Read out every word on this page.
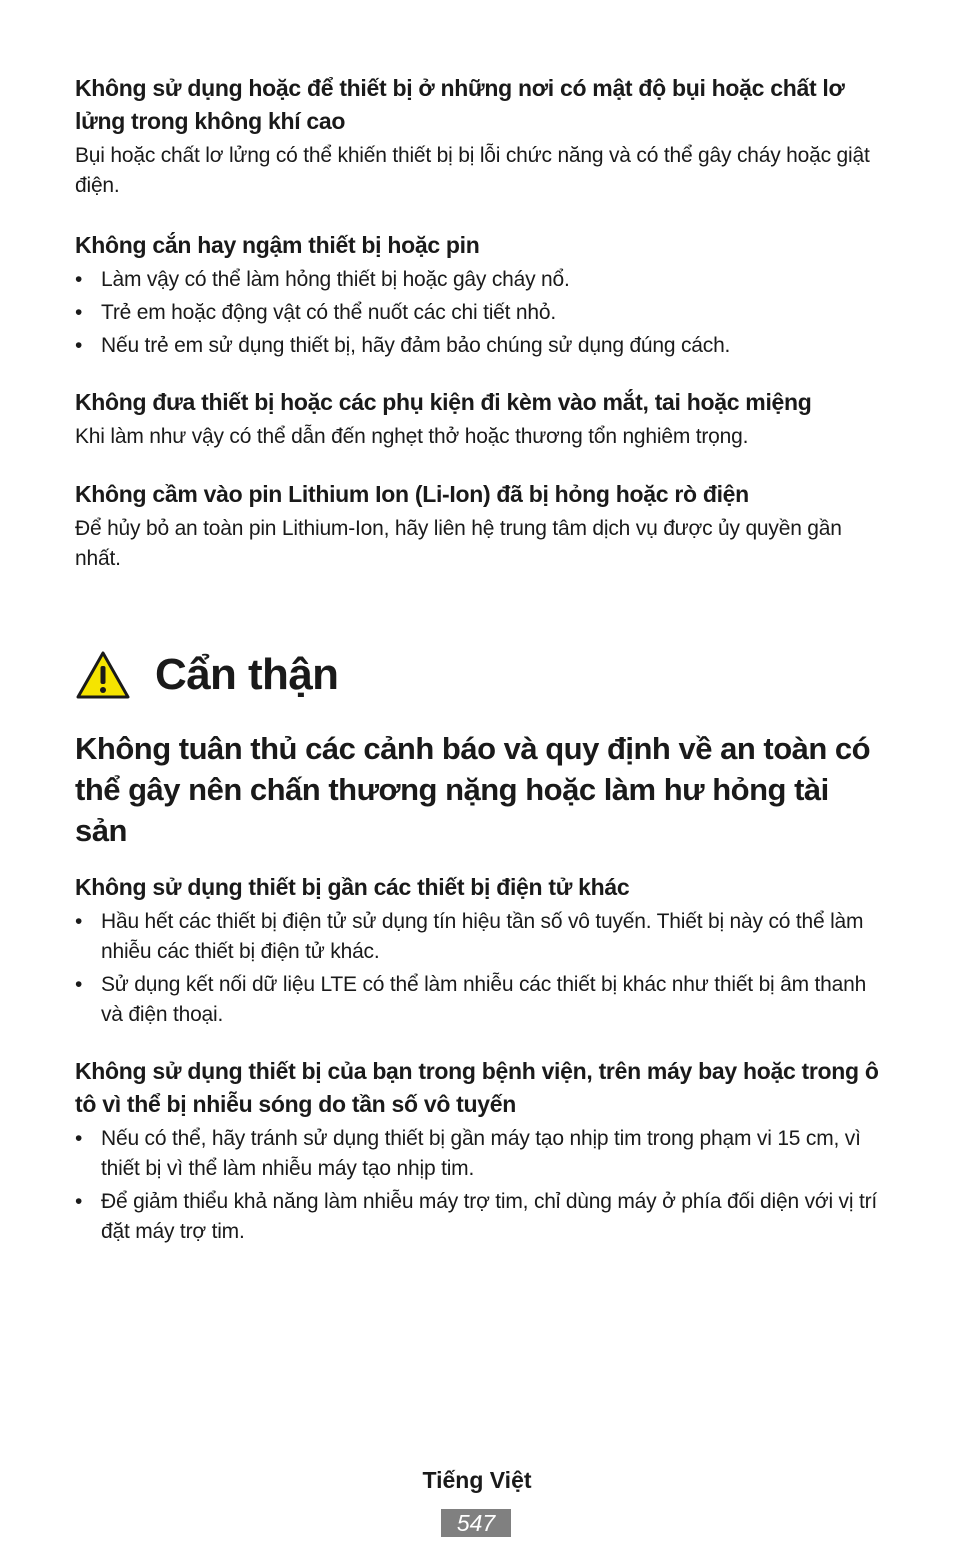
Không sử dụng hoặc để thiết bị ở những nơi có mật độ bụi hoặc chất lơ lửng trong không khí cao

Bụi hoặc chất lơ lửng có thể khiến thiết bị bị lỗi chức năng và có thể gây cháy hoặc giật điện.

Không cắn hay ngậm thiết bị hoặc pin

• Làm vậy có thể làm hỏng thiết bị hoặc gây cháy nổ.
• Trẻ em hoặc động vật có thể nuốt các chi tiết nhỏ.
• Nếu trẻ em sử dụng thiết bị, hãy đảm bảo chúng sử dụng đúng cách.

Không đưa thiết bị hoặc các phụ kiện đi kèm vào mắt, tai hoặc miệng

Khi làm như vậy có thể dẫn đến nghẹt thở hoặc thương tổn nghiêm trọng.

Không cầm vào pin Lithium Ion (Li-Ion) đã bị hỏng hoặc rò điện

Để hủy bỏ an toàn pin Lithium-Ion, hãy liên hệ trung tâm dịch vụ được ủy quyền gần nhất.

Cẩn thận

Không tuân thủ các cảnh báo và quy định về an toàn có thể gây nên chấn thương nặng hoặc làm hư hỏng tài sản

Không sử dụng thiết bị gần các thiết bị điện tử khác

• Hầu hết các thiết bị điện tử sử dụng tín hiệu tần số vô tuyến. Thiết bị này có thể làm nhiễu các thiết bị điện tử khác.
• Sử dụng kết nối dữ liệu LTE có thể làm nhiễu các thiết bị khác như thiết bị âm thanh và điện thoại.

Không sử dụng thiết bị của bạn trong bệnh viện, trên máy bay hoặc trong ô tô vì thể bị nhiễu sóng do tần số vô tuyến

• Nếu có thể, hãy tránh sử dụng thiết bị gần máy tạo nhịp tim trong phạm vi 15 cm, vì thiết bị vì thể làm nhiễu máy tạo nhịp tim.
• Để giảm thiểu khả năng làm nhiễu máy trợ tim, chỉ dùng máy ở phía đối diện với vị trí đặt máy trợ tim.
Tiếng Việt
547
